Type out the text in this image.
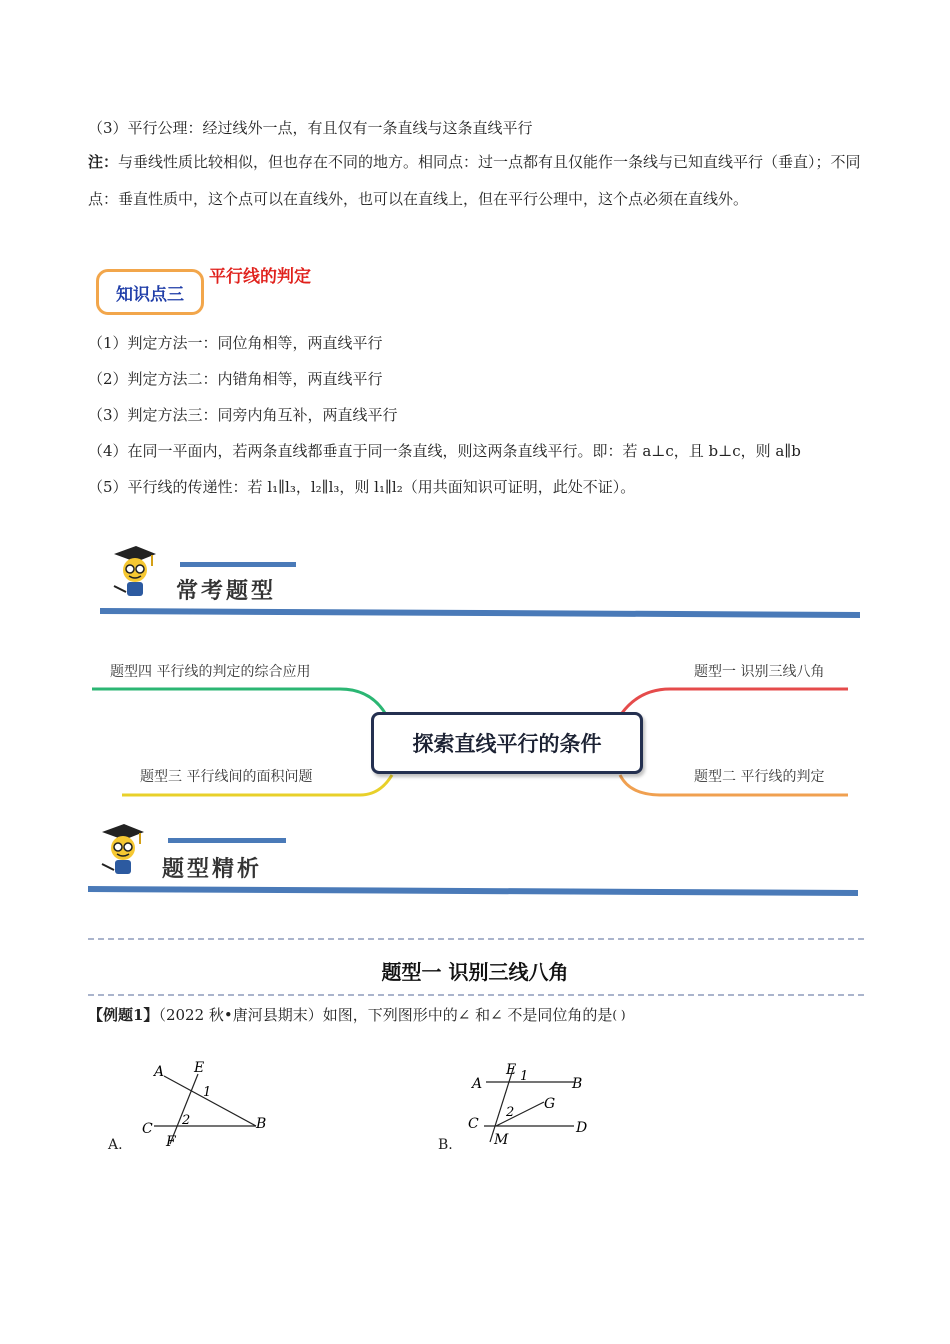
（3）平行公理：经过线外一点，有且仅有一条直线与这条直线平行
注：与垂线性质比较相似，但也存在不同的地方。相同点：过一点都有且仅能作一条线与已知直线平行（垂直）；不同点：垂直性质中，这个点可以在直线外，也可以在直线上，但在平行公理中，这个点必须在直线外。
知识点三
平行线的判定
（1）判定方法一：同位角相等，两直线平行
（2）判定方法二：内错角相等，两直线平行
（3）判定方法三：同旁内角互补，两直线平行
（4）在同一平面内，若两条直线都垂直于同一条直线，则这两条直线平行。即：若 a⊥c，且 b⊥c，则 a∥b
（5）平行线的传递性：若 l₁∥l₃，l₂∥l₃，则 l₁∥l₂（用共面知识可证明，此处不证）。
常考题型
题型四 平行线的判定的综合应用
题型三 平行线间的面积问题
题型一 识别三线八角
题型二 平行线的判定
探索直线平行的条件
题型精析
题型一 识别三线八角
【例题1】（2022 秋•唐河县期末）如图，下列图形中的∠ 和∠ 不是同位角的是( )
A E
1
C
2	B
F
A.
A
E 1	B
2
G
C
M
D
B.
